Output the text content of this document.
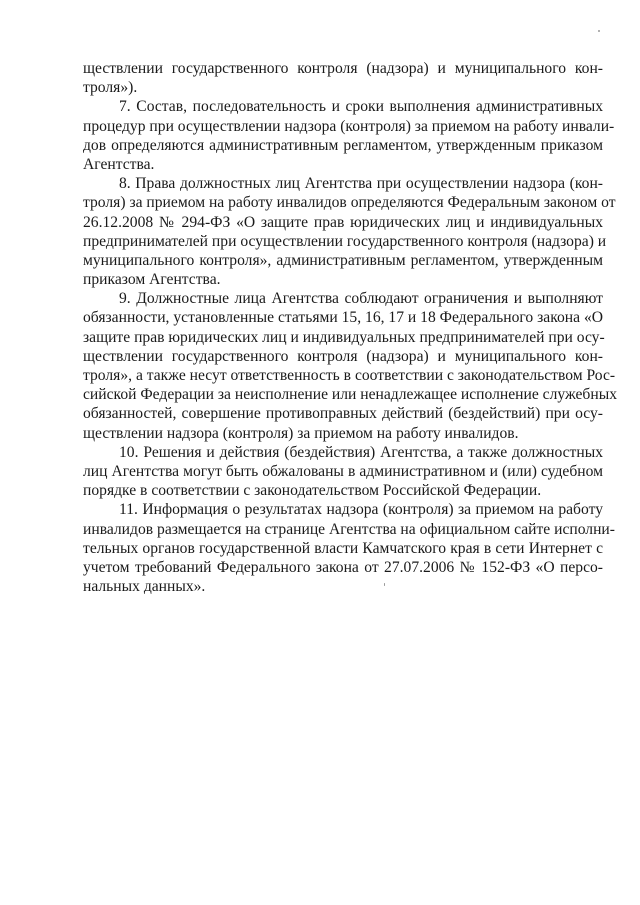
ществлении государственного контроля (надзора) и муниципального кон-
троля»).
7. Состав, последовательность и сроки выполнения административных
процедур при осуществлении надзора (контроля) за приемом на работу инвали-
дов определяются административным регламентом, утвержденным приказом
Агентства.
8. Права должностных лиц Агентства при осуществлении надзора (кон-
троля) за приемом на работу инвалидов определяются Федеральным законом от
26.12.2008 № 294-ФЗ «О защите прав юридических лиц и индивидуальных
предпринимателей при осуществлении государственного контроля (надзора) и
муниципального контроля», административным регламентом, утвержденным
приказом Агентства.
9. Должностные лица Агентства соблюдают ограничения и выполняют
обязанности, установленные статьями 15, 16, 17 и 18 Федерального закона «О
защите прав юридических лиц и индивидуальных предпринимателей при осу-
ществлении государственного контроля (надзора) и муниципального кон-
троля», а также несут ответственность в соответствии с законодательством Рос-
сийской Федерации за неисполнение или ненадлежащее исполнение служебных
обязанностей, совершение противоправных действий (бездействий) при осу-
ществлении надзора (контроля) за приемом на работу инвалидов.
10. Решения и действия (бездействия) Агентства, а также должностных
лиц Агентства могут быть обжалованы в административном и (или) судебном
порядке в соответствии с законодательством Российской Федерации.
11. Информация о результатах надзора (контроля) за приемом на работу
инвалидов размещается на странице Агентства на официальном сайте исполни-
тельных органов государственной власти Камчатского края в сети Интернет с
учетом требований Федерального закона от 27.07.2006 № 152-ФЗ «О персо-
нальных данных».
